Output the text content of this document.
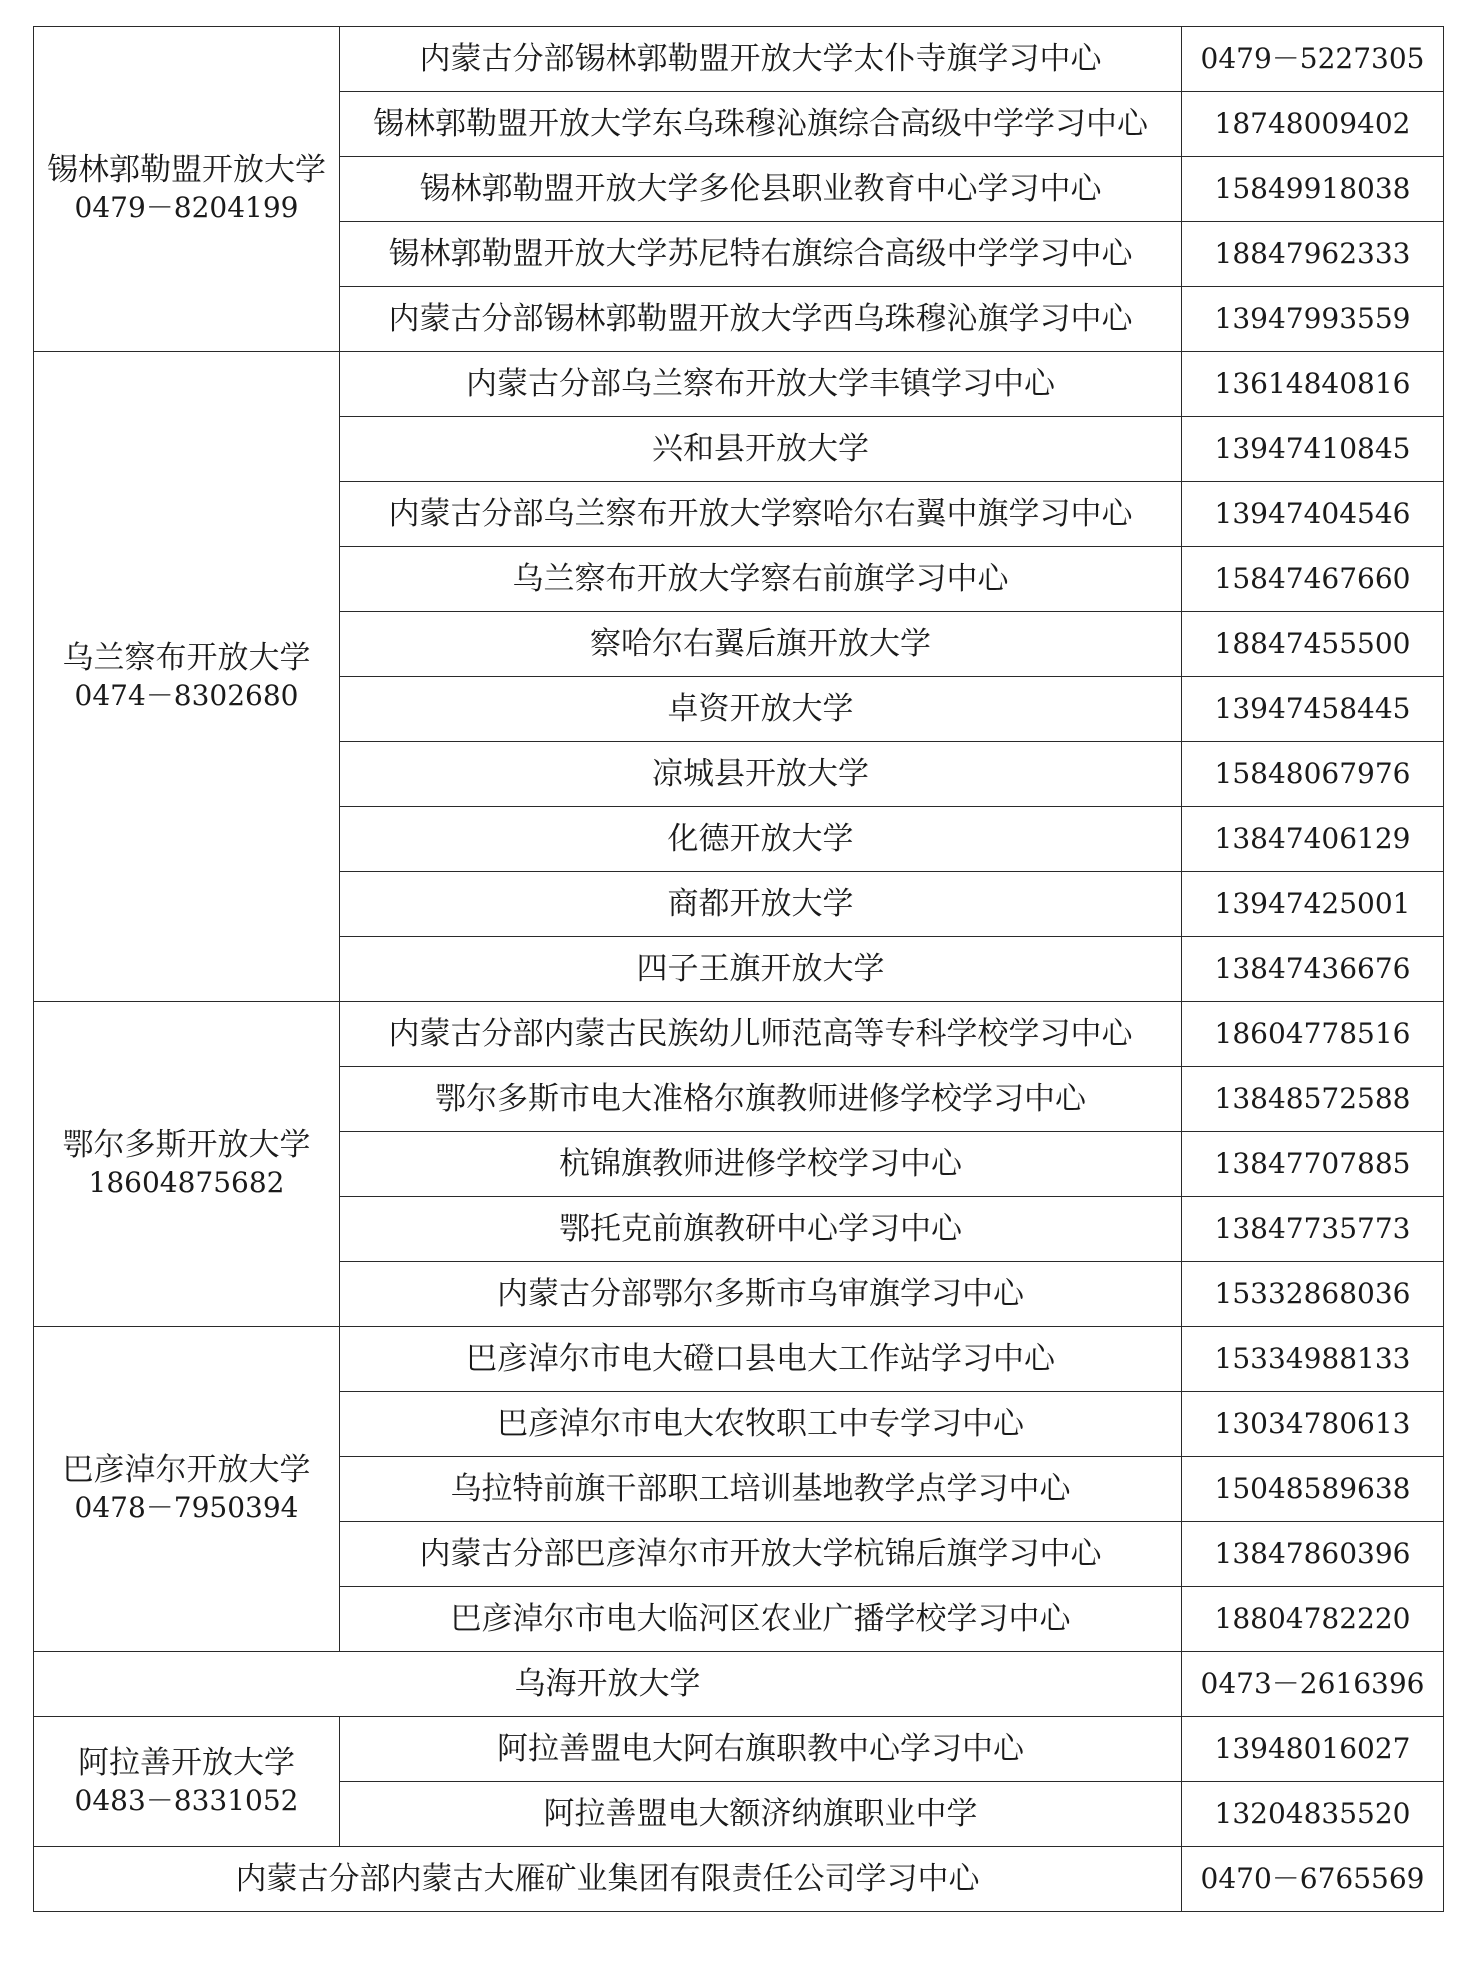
锡林郭勒盟开放大学
0479－8204199	内蒙古分部锡林郭勒盟开放大学太仆寺旗学习中心	0479－5227305
	锡林郭勒盟开放大学东乌珠穆沁旗综合高级中学学习中心	18748009402
	锡林郭勒盟开放大学多伦县职业教育中心学习中心	15849918038
	锡林郭勒盟开放大学苏尼特右旗综合高级中学学习中心	18847962333
	内蒙古分部锡林郭勒盟开放大学西乌珠穆沁旗学习中心	13947993559

乌兰察布开放大学
0474－8302680	内蒙古分部乌兰察布开放大学丰镇学习中心	13614840816
	兴和县开放大学	13947410845
	内蒙古分部乌兰察布开放大学察哈尔右翼中旗学习中心	13947404546
	乌兰察布开放大学察右前旗学习中心	15847467660
	察哈尔右翼后旗开放大学	18847455500
	卓资开放大学	13947458445
	凉城县开放大学	15848067976
	化德开放大学	13847406129
	商都开放大学	13947425001
	四子王旗开放大学	13847436676

鄂尔多斯开放大学
18604875682	内蒙古分部内蒙古民族幼儿师范高等专科学校学习中心	18604778516
	鄂尔多斯市电大准格尔旗教师进修学校学习中心	13848572588
	杭锦旗教师进修学校学习中心	13847707885
	鄂托克前旗教研中心学习中心	13847735773
	内蒙古分部鄂尔多斯市乌审旗学习中心	15332868036

巴彦淖尔开放大学
0478－7950394	巴彦淖尔市电大磴口县电大工作站学习中心	15334988133
	巴彦淖尔市电大农牧职工中专学习中心	13034780613
	乌拉特前旗干部职工培训基地教学点学习中心	15048589638
	内蒙古分部巴彦淖尔市开放大学杭锦后旗学习中心	13847860396
	巴彦淖尔市电大临河区农业广播学校学习中心	18804782220
乌海开放大学		0473－2616396

阿拉善开放大学
0483－8331052	阿拉善盟电大阿右旗职教中心学习中心	13948016027
	阿拉善盟电大额济纳旗职业中学	13204835520
内蒙古分部内蒙古大雁矿业集团有限责任公司学习中心		0470－6765569
